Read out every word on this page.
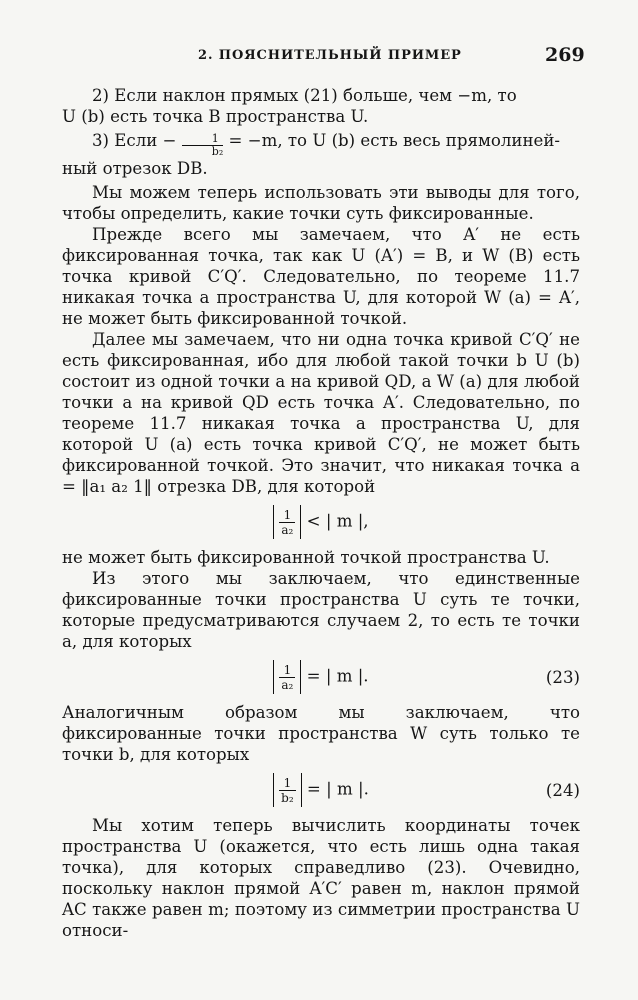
2. ПОЯСНИТЕЛЬНЫЙ ПРИМЕР	269

2) Если наклон прямых (21) больше, чем −m, то

U (b) есть точка B пространства U.

3) Если − $\frac{1}{\text{b₂}} = -m$, то U (b) есть весь прямолиней-

ный отрезок DB.

Мы можем теперь использовать эти выводы для того, чтобы определить, какие точки суть фиксированные.

Прежде всего мы замечаем, что A′ не есть фиксированная точка, так как U (A′) = B, и W (B) есть точка кривой C′Q′. Следовательно, по теореме 11.7 никакая точка a пространства U, для которой W (a) = A′, не может быть фиксированной точкой.

Далее мы замечаем, что ни одна точка кривой C′Q′ не есть фиксированная, ибо для любой такой точки b U (b) состоит из одной точки a на кривой QD, а W (a) для любой точки a на кривой QD есть точка A′. Следовательно, по теореме 11.7 никакая точка a пространства U, для которой U (a) есть точка кривой C′Q′, не может быть фиксированной точкой. Это значит, что никакая точка a = ‖a₁ a₂ 1‖ отрезка DB, для которой

$\frac{1}{\text{a₂}}$ < | m |,

не может быть фиксированной точкой пространства U.

Из этого мы заключаем, что единственные фиксированные точки пространства U суть те точки, которые предусматриваются случаем 2, то есть те точки a, для которых

$\frac{1}{\text{a₂}}$ = | m |.	(23)

Аналогичным образом мы заключаем, что фиксированные точки пространства W суть только те точки b, для которых

$\frac{1}{\text{b₂}}$ = | m |.	(24)

Мы хотим теперь вычислить координаты точек пространства U (окажется, что есть лишь одна такая точка), для которых справедливо (23). Очевидно, поскольку наклон прямой A′C′ равен m, наклон прямой AC также равен m; поэтому из симметрии пространства U относи-
